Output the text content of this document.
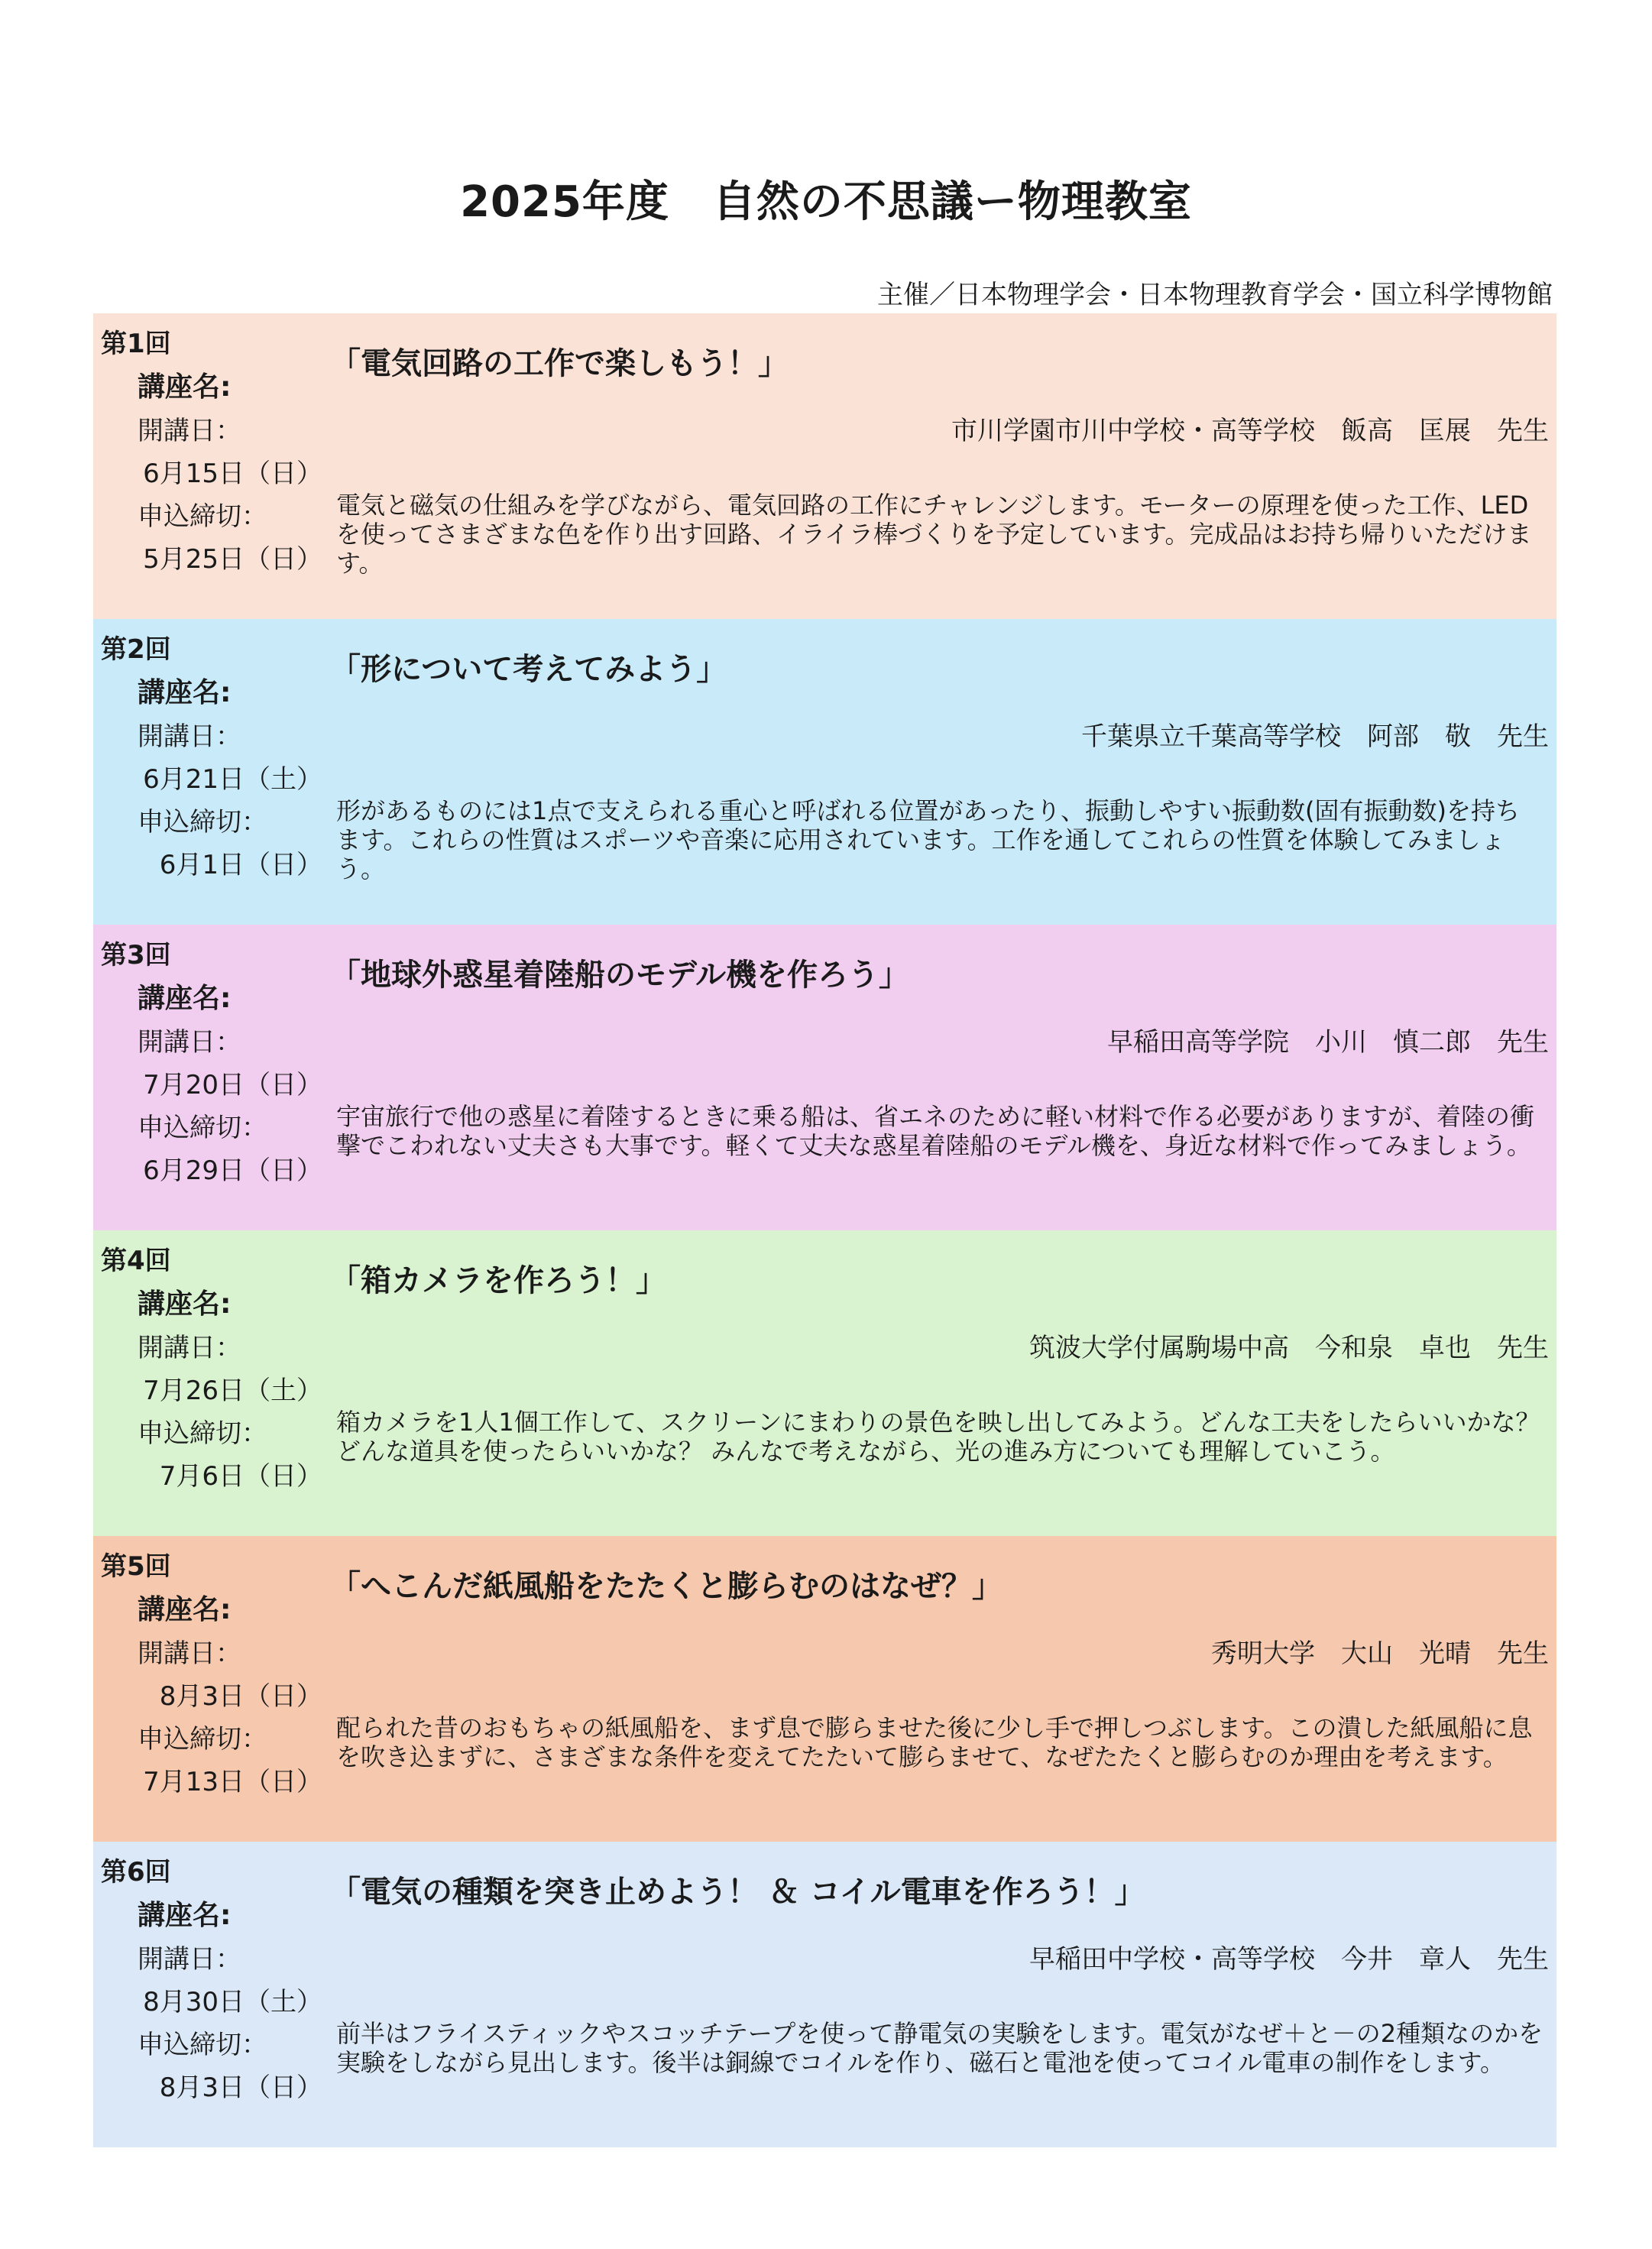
2025年度　自然の不思議ー物理教室
主催／日本物理学会・日本物理教育学会・国立科学博物館
第1回
講座名:
開講日：
6月15日（日）
申込締切：
5月25日（日）
「電気回路の工作で楽しもう！」
市川学園市川中学校・高等学校　飯高　匡展　先生
電気と磁気の仕組みを学びながら、電気回路の工作にチャレンジします。モーターの原理を使った工作、LEDを使ってさまざまな色を作り出す回路、イライラ棒づくりを予定しています。完成品はお持ち帰りいただけます。
第2回
講座名:
開講日：
6月21日（土）
申込締切：
6月1日（日）
「形について考えてみよう」
千葉県立千葉高等学校　阿部　敬　先生
形があるものには1点で支えられる重心と呼ばれる位置があったり、振動しやすい振動数(固有振動数)を持ちます。これらの性質はスポーツや音楽に応用されています。工作を通してこれらの性質を体験してみましょう。
第3回
講座名:
開講日：
7月20日（日）
申込締切：
6月29日（日）
「地球外惑星着陸船のモデル機を作ろう」
早稲田高等学院　小川　慎二郎　先生
宇宙旅行で他の惑星に着陸するときに乗る船は、省エネのために軽い材料で作る必要がありますが、着陸の衝撃でこわれない丈夫さも大事です。軽くて丈夫な惑星着陸船のモデル機を、身近な材料で作ってみましょう。
第4回
講座名:
開講日：
7月26日（土）
申込締切：
7月6日（日）
「箱カメラを作ろう！」
筑波大学付属駒場中高　今和泉　卓也　先生
箱カメラを1人1個工作して、スクリーンにまわりの景色を映し出してみよう。どんな工夫をしたらいいかな？どんな道具を使ったらいいかな？ みんなで考えながら、光の進み方についても理解していこう。
第5回
講座名:
開講日：
8月3日（日）
申込締切：
7月13日（日）
「へこんだ紙風船をたたくと膨らむのはなぜ？」
秀明大学　大山　光晴　先生
配られた昔のおもちゃの紙風船を、まず息で膨らませた後に少し手で押しつぶします。この潰した紙風船に息を吹き込まずに、さまざまな条件を変えてたたいて膨らませて、なぜたたくと膨らむのか理由を考えます。
第6回
講座名:
開講日：
8月30日（土）
申込締切：
8月3日（日）
「電気の種類を突き止めよう！ ＆ コイル電車を作ろう！」
早稲田中学校・高等学校　今井　章人　先生
前半はフライスティックやスコッチテープを使って静電気の実験をします。電気がなぜ＋と－の2種類なのかを実験をしながら見出します。後半は銅線でコイルを作り、磁石と電池を使ってコイル電車の制作をします。
